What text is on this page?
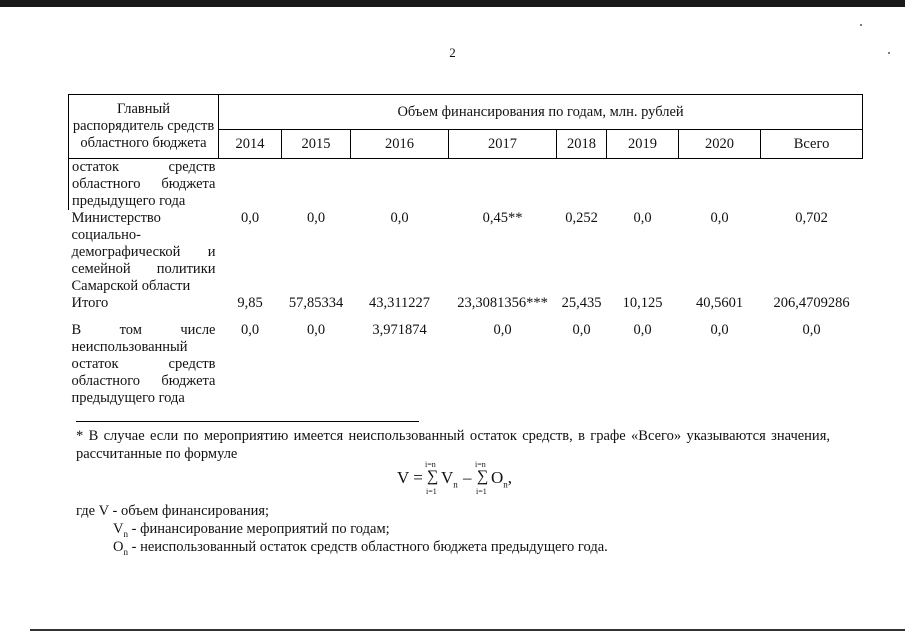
2
Главный распорядитель средств областного бюджета	Объем финансирования по годам, млн. рублей							
	2014	2015	2016	2017	2018	2019	2020	Всего
остаток средств областного бюджета предыдущего года								
Министерство социально-демографической и семейной политики Самарской области	0,0	0,0	0,0	0,45**	0,252	0,0	0,0	0,702
Итого	9,85	57,85334	43,311227	23,3081356***	25,435	10,125	40,5601	206,4709286
В том числе неиспользованный остаток средств областного бюджета предыдущего года	0,0	0,0	3,971874	0,0	0,0	0,0	0,0	0,0
* В случае если по мероприятию имеется неиспользованный остаток средств, в графе «Всего» указываются значения, рассчитанные по формуле
V =
i=n
∑
i=1
$V_n$ –
i=n
∑
i=1
$O_n$,
где V - объем финансирования;
$V_n$ - финансирование мероприятий по годам;
$O_n$ - неиспользованный остаток средств областного бюджета предыдущего года.
